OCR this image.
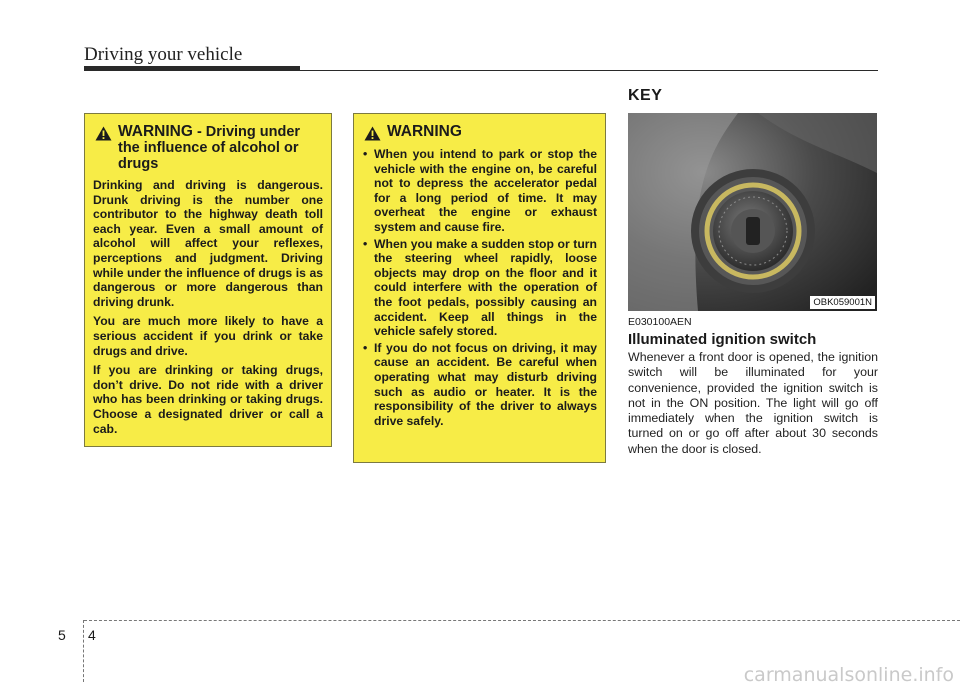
Driving your vehicle
KEY
WARNING - Driving under the influence of alcohol or drugs

Drinking and driving is dangerous. Drunk driving is the number one contributor to the highway death toll each year. Even a small amount of alcohol will affect your reflexes, perceptions and judgment. Driving while under the influence of drugs is as dangerous or more dangerous than driving drunk.

You are much more likely to have a serious accident if you drink or take drugs and drive.

If you are drinking or taking drugs, don’t drive. Do not ride with a driver who has been drinking or taking drugs. Choose a designated driver or call a cab.

WARNING
• When you intend to park or stop the vehicle with the engine on, be careful not to depress the accelerator pedal for a long period of time. It may overheat the engine or exhaust system and cause fire.
• When you make a sudden stop or turn the steering wheel rapidly, loose objects may drop on the floor and it could interfere with the operation of the foot pedals, possibly causing an accident. Keep all things in the vehicle safely stored.
• If you do not focus on driving, it may cause an accident. Be careful when operating what may disturb driving such as audio or heater. It is the responsibility of the driver to always drive safely.
OBK059001N
E030100AEN
Illuminated ignition switch
Whenever a front door is opened, the ignition switch will be illuminated for your convenience, provided the ignition switch is not in the ON position. The light will go off immediately when the ignition switch is turned on or go off after about 30 seconds when the door is closed.
5 4
carmanualsonline.info
